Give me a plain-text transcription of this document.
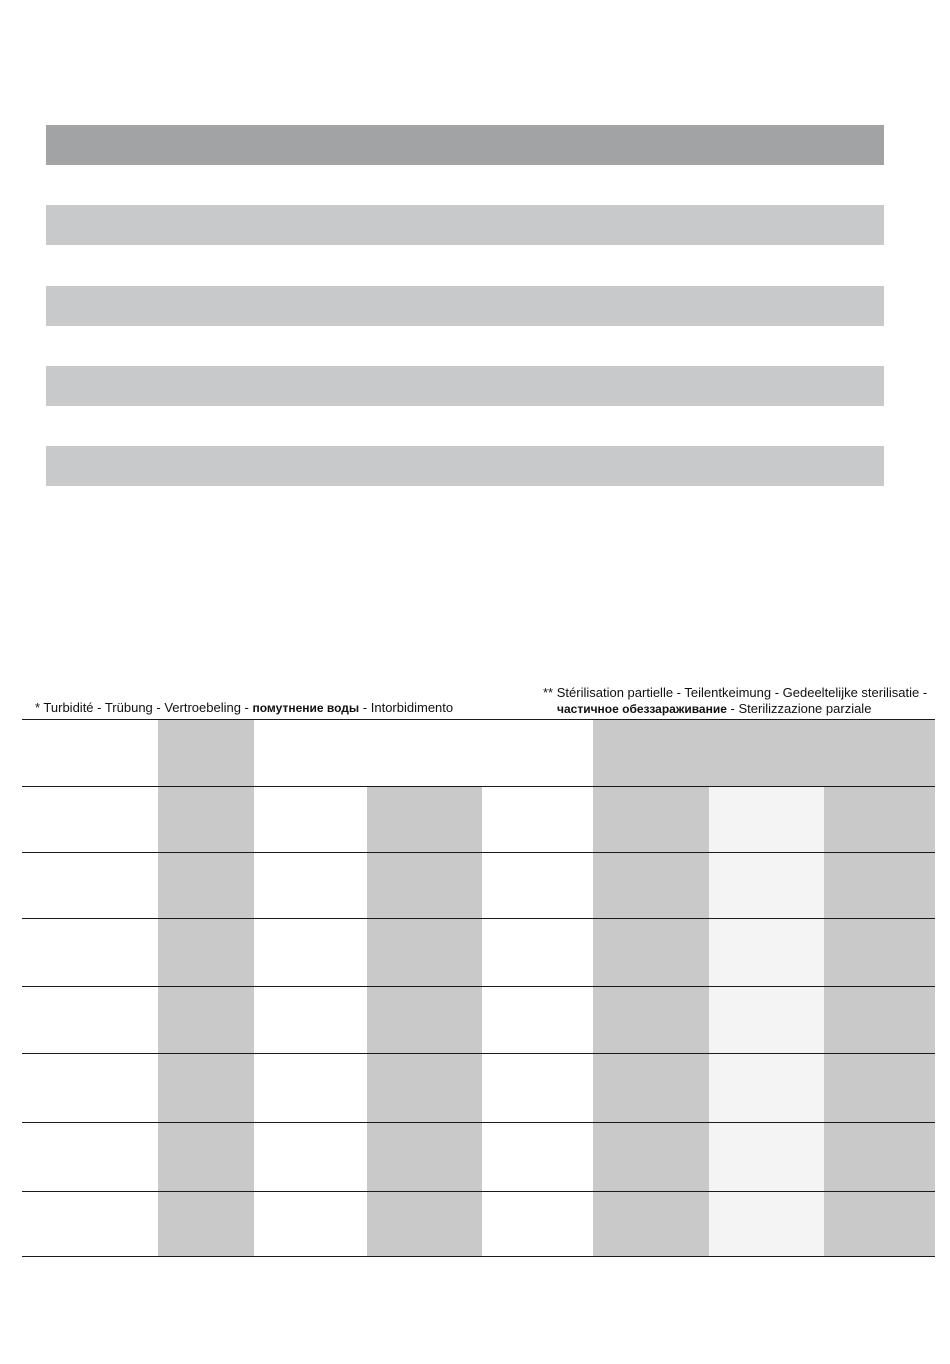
* Turbidité - Trübung - Vertroebeling - помутнение воды - Intorbidimento
** Stérilisation partielle - Teilentkeimung - Gedeeltelijke sterilisatie -
частичное обеззараживание - Sterilizzazione parziale
